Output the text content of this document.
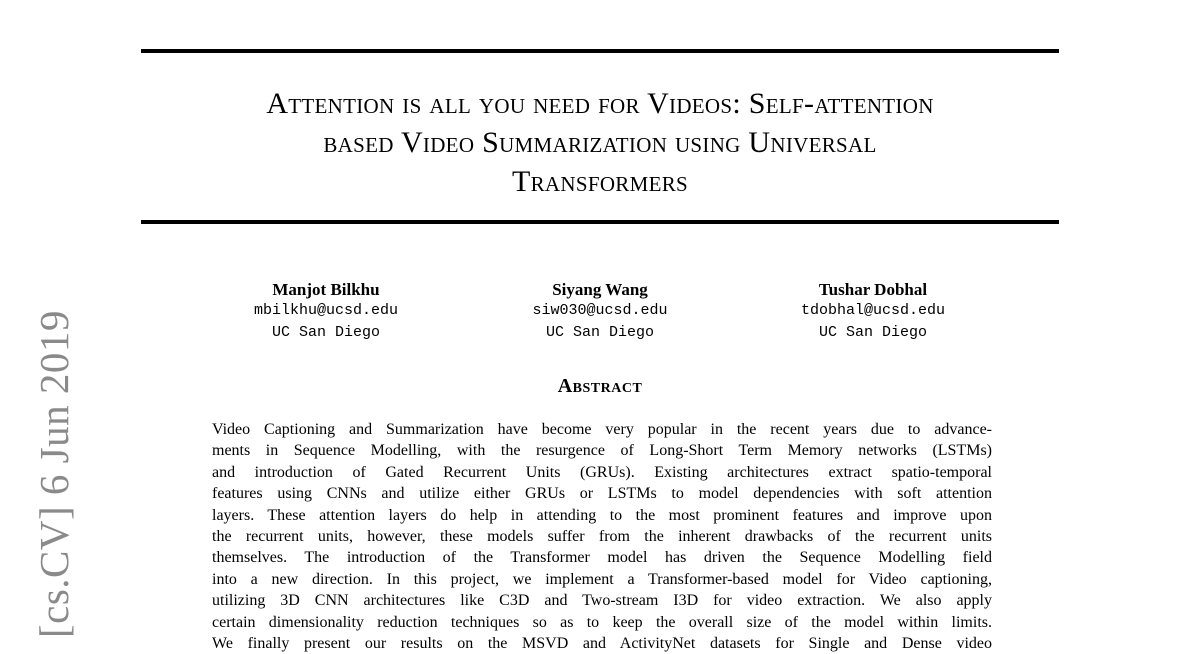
[cs.CV] 6 Jun 2019
Attention is all you need for Videos: Self-attention
based Video Summarization using Universal
Transformers
Manjot Bilkhu
mbilkhu@ucsd.edu
UC San Diego
Siyang Wang
siw030@ucsd.edu
UC San Diego
Tushar Dobhal
tdobhal@ucsd.edu
UC San Diego
Abstract
Video Captioning and Summarization have become very popular in the recent years due to advance-
ments in Sequence Modelling, with the resurgence of Long-Short Term Memory networks (LSTMs)
and introduction of Gated Recurrent Units (GRUs). Existing architectures extract spatio-temporal
features using CNNs and utilize either GRUs or LSTMs to model dependencies with soft attention
layers. These attention layers do help in attending to the most prominent features and improve upon
the recurrent units, however, these models suffer from the inherent drawbacks of the recurrent units
themselves. The introduction of the Transformer model has driven the Sequence Modelling field
into a new direction. In this project, we implement a Transformer-based model for Video captioning,
utilizing 3D CNN architectures like C3D and Two-stream I3D for video extraction. We also apply
certain dimensionality reduction techniques so as to keep the overall size of the model within limits.
We finally present our results on the MSVD and ActivityNet datasets for Single and Dense video
